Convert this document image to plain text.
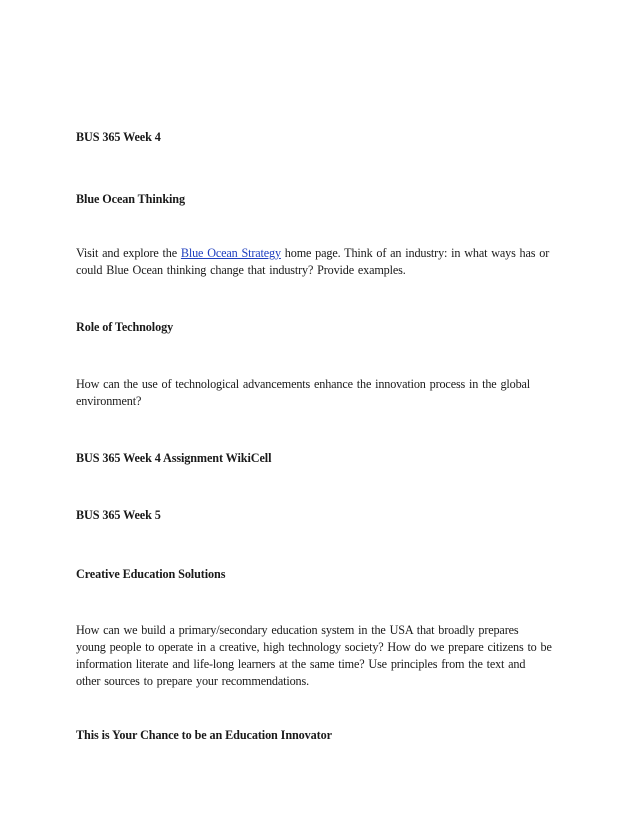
BUS 365 Week 4
Blue Ocean Thinking
Visit and explore the Blue Ocean Strategy home page. Think of an industry: in what ways has or
could Blue Ocean thinking change that industry? Provide examples.
Role of Technology
How can the use of technological advancements enhance the innovation process in the global
environment?
BUS 365 Week 4 Assignment WikiCell
BUS 365 Week 5
Creative Education Solutions
How can we build a primary/secondary education system in the USA that broadly prepares
young people to operate in a creative, high technology society? How do we prepare citizens to be
information literate and life-long learners at the same time? Use principles from the text and
other sources to prepare your recommendations.
This is Your Chance to be an Education Innovator
